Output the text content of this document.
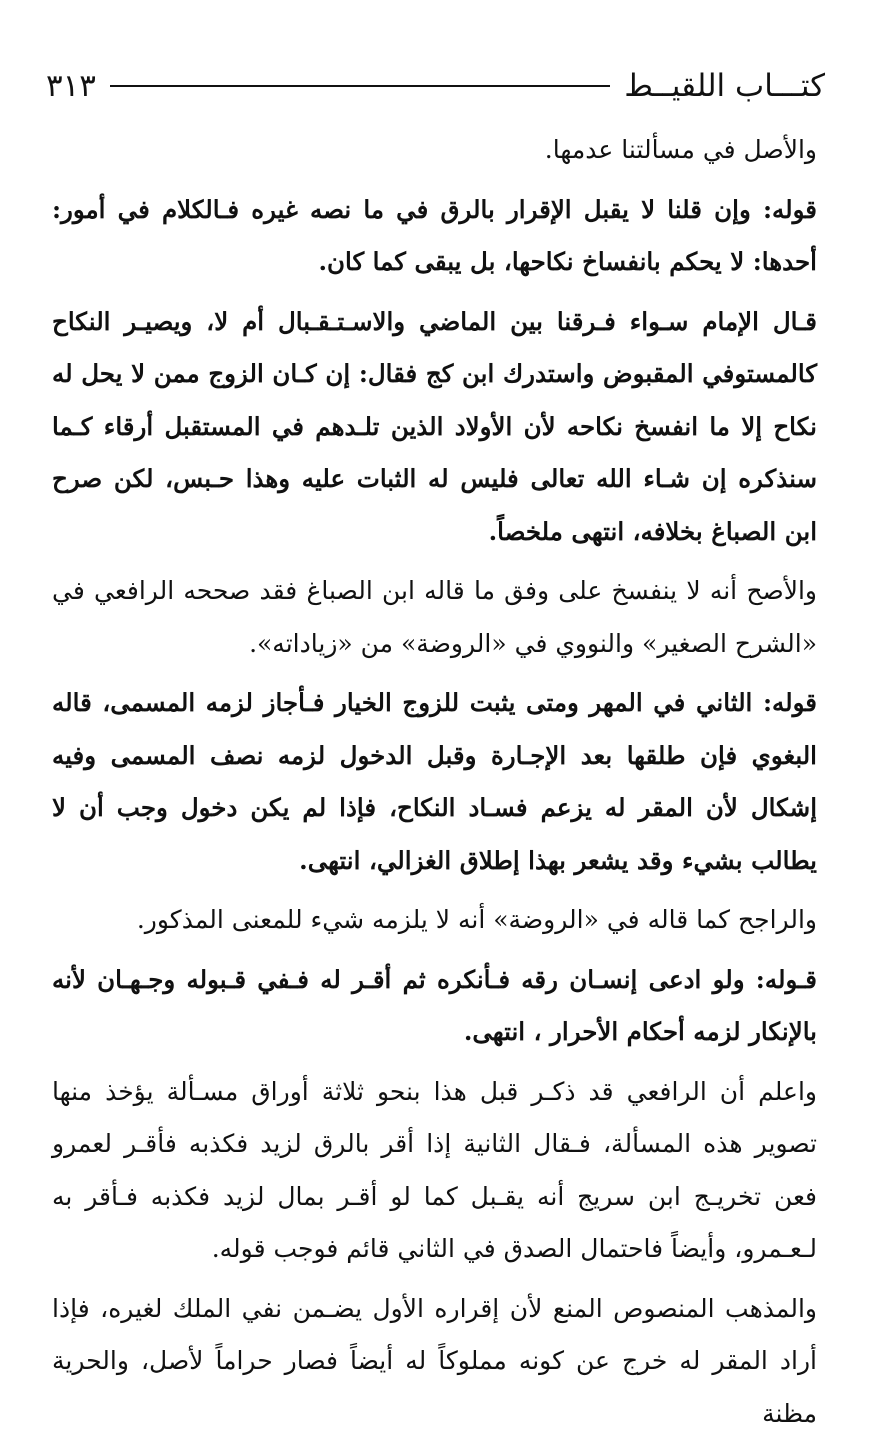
كتـــاب اللقيــط
٣١٣

والأصل في مسألتنا عدمها.

قوله: وإن قلنا لا يقبل الإقرار بالرق في ما نصه غيره فـالكلام في أمور: أحدها: لا يحكم بانفساخ نكاحها، بل يبقى كما كان.

قـال الإمام سـواء فـرقنا بين الماضي والاسـتـقـبال أم لا، ويصيـر النكاح كالمستوفي المقبوض واستدرك ابن كج فقال: إن كـان الزوج ممن لا يحل له نكاح إلا ما انفسخ نكاحه لأن الأولاد الذين تلـدهم في المستقبل أرقاء كـما سنذكره إن شـاء الله تعالى فليس له الثبات عليه وهذا حـبس، لكن صرح ابن الصباغ بخلافه، انتهى ملخصاً.

والأصح أنه لا ينفسخ على وفق ما قاله ابن الصباغ فقد صححه الرافعي في «الشرح الصغير» والنووي في «الروضة» من «زياداته».

قوله: الثاني في المهر ومتى يثبت للزوج الخيار فـأجاز لزمه المسمى، قاله البغوي فإن طلقها بعد الإجـارة وقبل الدخول لزمه نصف المسمى وفيه إشكال لأن المقر له يزعم فسـاد النكاح، فإذا لم يكن دخول وجب أن لا يطالب بشيء وقد يشعر بهذا إطلاق الغزالي، انتهى.

والراجح كما قاله في «الروضة» أنه لا يلزمه شيء للمعنى المذكور.

قـوله: ولو ادعى إنسـان رقه فـأنكره ثم أقـر له فـفي قـبوله وجـهـان لأنه بالإنكار لزمه أحكام الأحرار ، انتهى.

واعلم أن الرافعي قد ذكـر قبل هذا بنحو ثلاثة أوراق مسـألة يؤخذ منها تصوير هذه المسألة، فـقال الثانية إذا أقر بالرق لزيد فكذبه فأقـر لعمرو فعن تخريـج ابن سريج أنه يقـبل كما لو أقـر بمال لزيد فكذبه فـأقر به لـعـمرو، وأيضاً فاحتمال الصدق في الثاني قائم فوجب قوله.

والمذهب المنصوص المنع لأن إقراره الأول يضـمن نفي الملك لغيره، فإذا أراد المقر له خرج عن كونه مملوكاً له أيضاً فصار حراماً لأصل، والحرية مظنة
